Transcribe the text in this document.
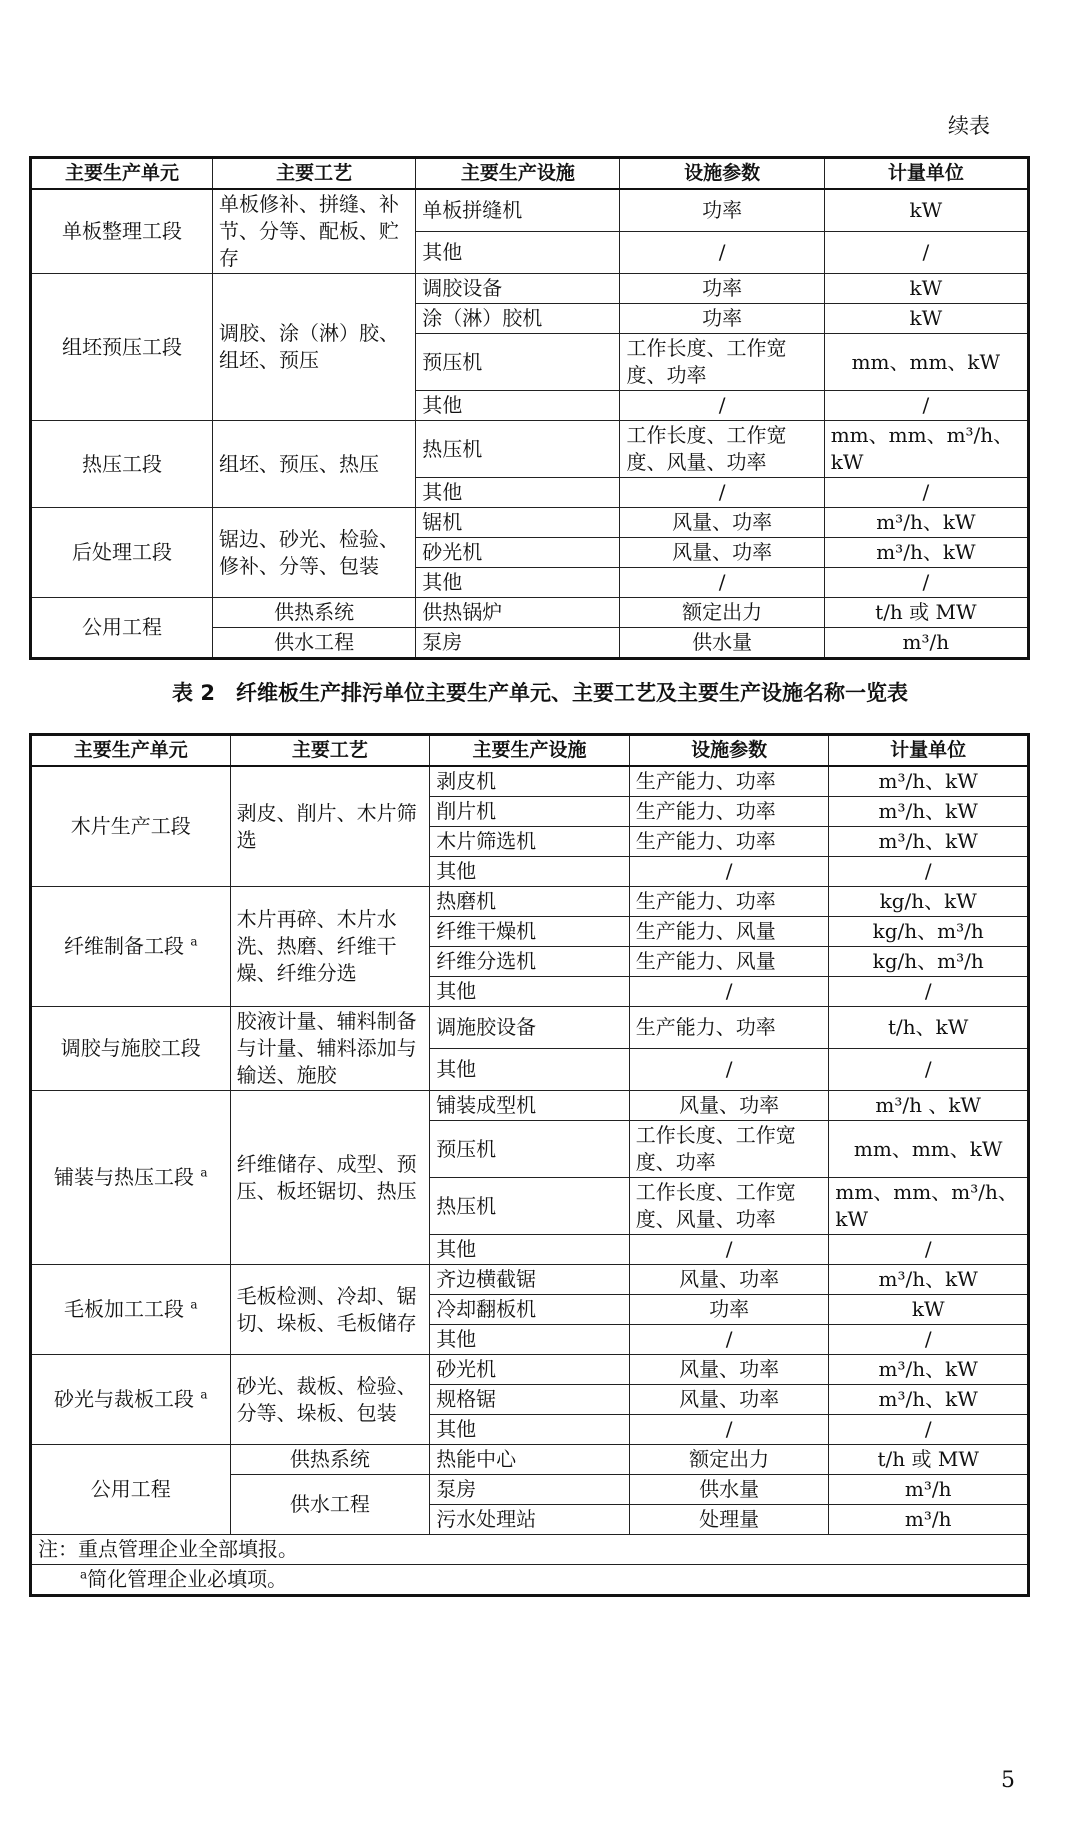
续表
主要生产单元	主要工艺	主要生产设施	设施参数	计量单位
单板整理工段	单板修补、拼缝、补节、分等、配板、贮存	单板拼缝机	功率	kW
		其他	/	/
组坯预压工段	调胶、涂（淋）胶、组坯、预压	调胶设备	功率	kW
		涂（淋）胶机	功率	kW
		预压机	工作长度、工作宽度、功率	mm、mm、kW
		其他	/	/
热压工段	组坯、预压、热压	热压机	工作长度、工作宽度、风量、功率	mm、mm、m³/h、kW
		其他	/	/
后处理工段	锯边、砂光、检验、修补、分等、包装	锯机	风量、功率	m³/h、kW
		砂光机	风量、功率	m³/h、kW
		其他	/	/
公用工程	供热系统	供热锅炉	额定出力	t/h 或 MW
	供水工程	泵房	供水量	m³/h
表 2　纤维板生产排污单位主要生产单元、主要工艺及主要生产设施名称一览表
主要生产单元	主要工艺	主要生产设施	设施参数	计量单位
木片生产工段	剥皮、削片、木片筛选	剥皮机	生产能力、功率	m³/h、kW
		削片机	生产能力、功率	m³/h、kW
		木片筛选机	生产能力、功率	m³/h、kW
		其他	/	/
纤维制备工段 $^a$	木片再碎、木片水洗、热磨、纤维干燥、纤维分选	热磨机	生产能力、功率	kg/h、kW
		纤维干燥机	生产能力、风量	kg/h、m³/h
		纤维分选机	生产能力、风量	kg/h、m³/h
		其他	/	/
调胶与施胶工段	胶液计量、辅料制备与计量、辅料添加与输送、施胶	调施胶设备	生产能力、功率	t/h、kW
		其他	/	/
铺装与热压工段 $^a$	纤维储存、成型、预压、板坯锯切、热压	铺装成型机	风量、功率	m³/h 、kW
		预压机	工作长度、工作宽度、功率	mm、mm、kW
		热压机	工作长度、工作宽度、风量、功率	mm、mm、m³/h、kW
		其他	/	/
毛板加工工段 $^a$	毛板检测、冷却、锯切、垛板、毛板储存	齐边横截锯	风量、功率	m³/h、kW
		冷却翻板机	功率	kW
		其他	/	/
砂光与裁板工段 $^a$	砂光、裁板、检验、分等、垛板、包装	砂光机	风量、功率	m³/h、kW
		规格锯	风量、功率	m³/h、kW
		其他	/	/
公用工程	供热系统	热能中心	额定出力	t/h 或 MW
	供水工程	泵房	供水量	m³/h
		污水处理站	处理量	m³/h
注：重点管理企业全部填报。				
$^a$简化管理企业必填项。				
5
